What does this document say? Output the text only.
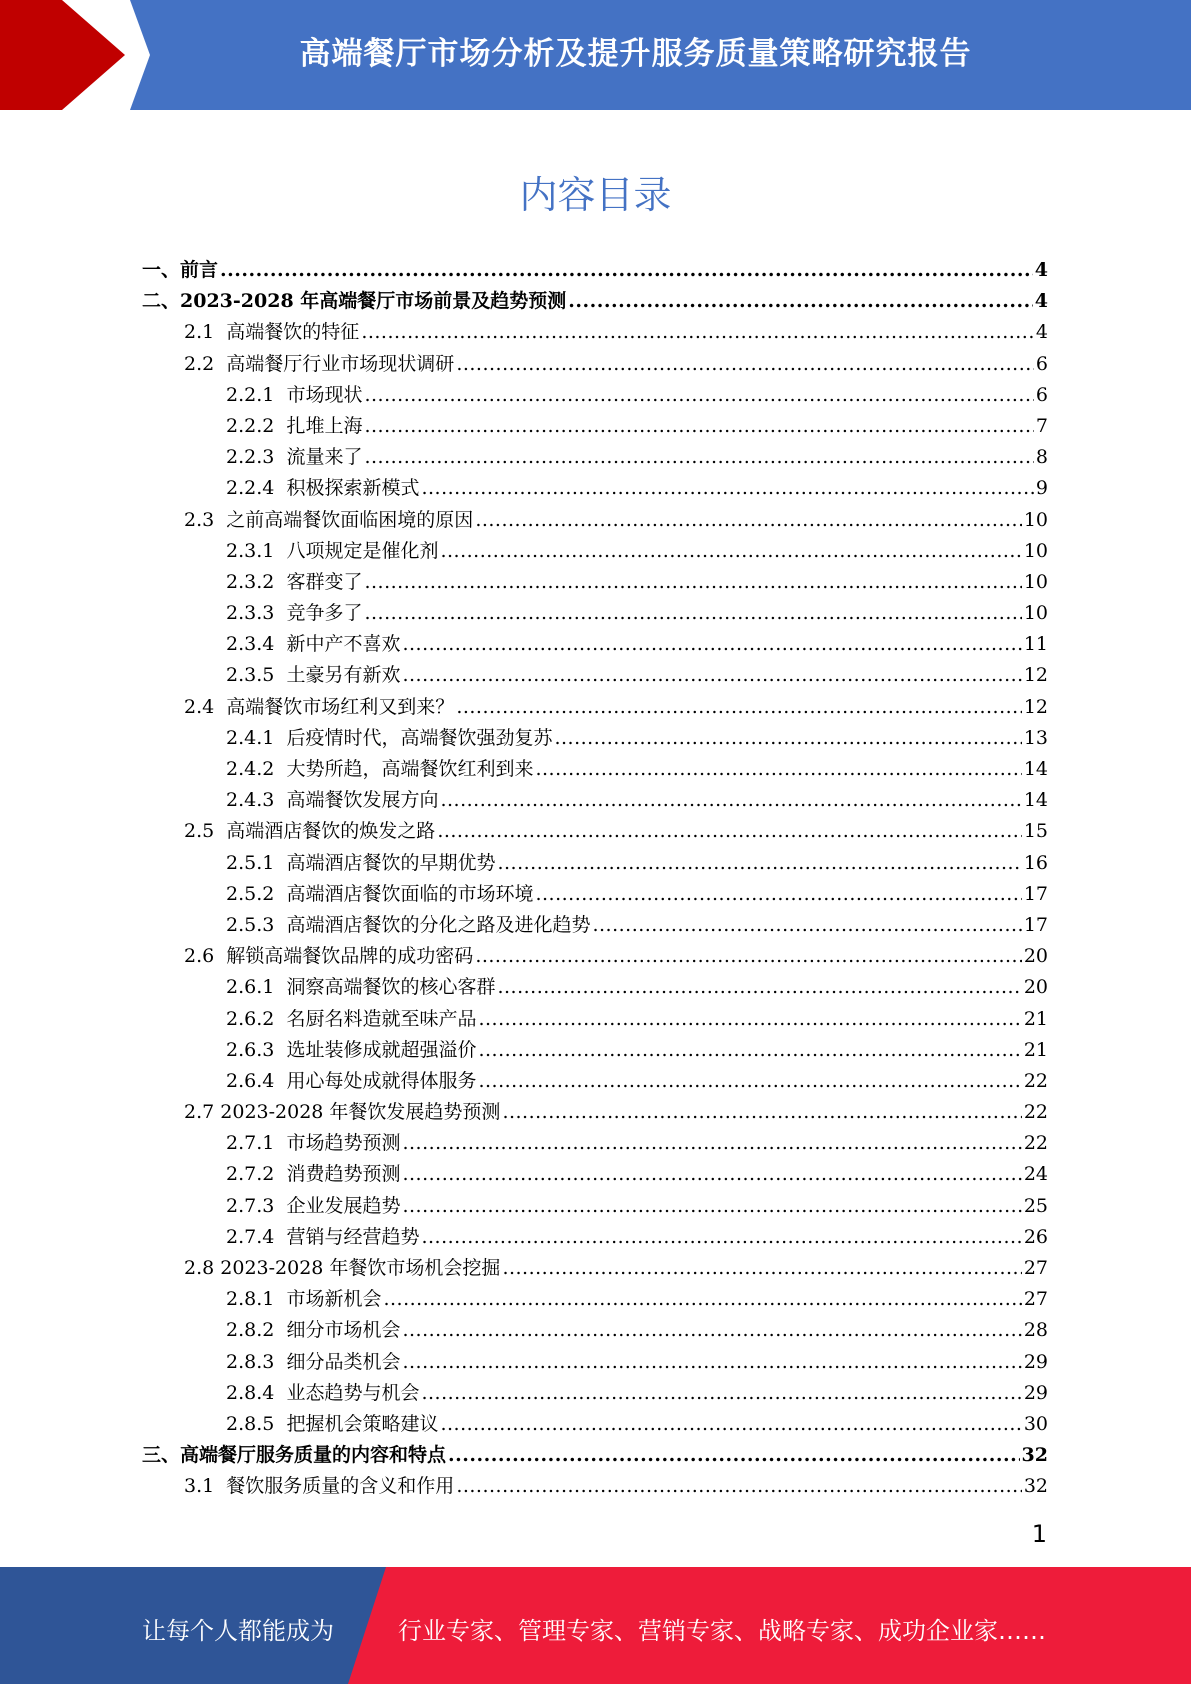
高端餐厅市场分析及提升服务质量策略研究报告
内容目录
一、 前言 .....	4
二、 2023-2028 年高端餐厅市场前景及趋势预测 .....	4
2.1 高端餐饮的特征 .....	4
2.2 高端餐厅行业市场现状调研 .....	6
2.2.1 市场现状 .....	6
2.2.2 扎堆上海 .....	7
2.2.3 流量来了 .....	8
2.2.4 积极探索新模式 .....	9
2.3 之前高端餐饮面临困境的原因 .....	10
2.3.1 八项规定是催化剂 .....	10
2.3.2 客群变了 .....	10
2.3.3 竞争多了 .....	10
2.3.4 新中产不喜欢 .....	11
2.3.5 土豪另有新欢 .....	12
2.4 高端餐饮市场红利又到来？ .....	12
2.4.1 后疫情时代，高端餐饮强劲复苏 .....	13
2.4.2 大势所趋，高端餐饮红利到来 .....	14
2.4.3 高端餐饮发展方向 .....	14
2.5 高端酒店餐饮的焕发之路 .....	15
2.5.1 高端酒店餐饮的早期优势 .....	16
2.5.2 高端酒店餐饮面临的市场环境 .....	17
2.5.3 高端酒店餐饮的分化之路及进化趋势 .....	17
2.6 解锁高端餐饮品牌的成功密码 .....	20
2.6.1 洞察高端餐饮的核心客群 .....	20
2.6.2 名厨名料造就至味产品 .....	21
2.6.3 选址装修成就超强溢价 .....	21
2.6.4 用心每处成就得体服务 .....	22
2.7 2023-2028 年餐饮发展趋势预测 .....	22
2.7.1 市场趋势预测 .....	22
2.7.2 消费趋势预测 .....	24
2.7.3 企业发展趋势 .....	25
2.7.4 营销与经营趋势 .....	26
2.8 2023-2028 年餐饮市场机会挖掘 .....	27
2.8.1 市场新机会 .....	27
2.8.2 细分市场机会 .....	28
2.8.3 细分品类机会 .....	29
2.8.4 业态趋势与机会 .....	29
2.8.5 把握机会策略建议 .....	30
三、 高端餐厅服务质量的内容和特点 .....	32
3.1 餐饮服务质量的含义和作用 .....	32
1
让每个人都能成为	行业专家、管理专家、营销专家、战略专家、成功企业家……
